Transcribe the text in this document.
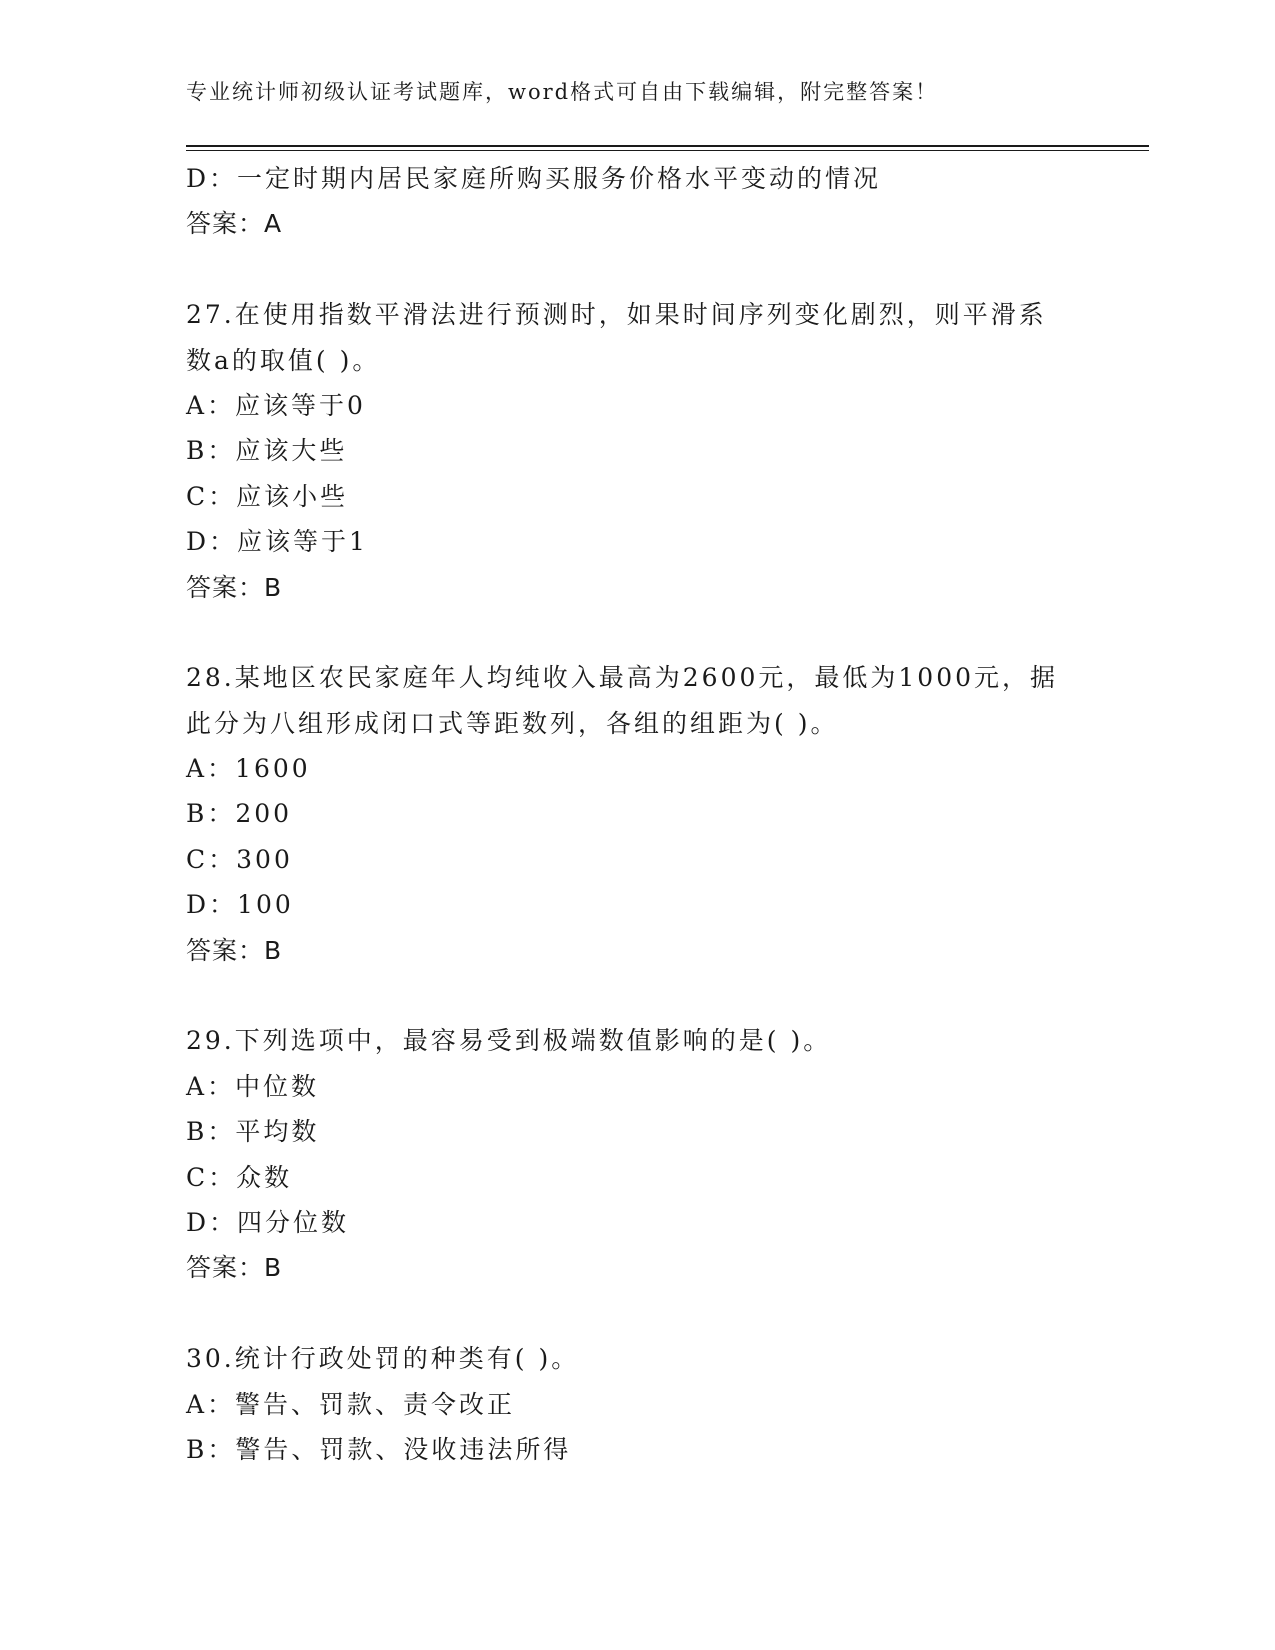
专业统计师初级认证考试题库，word格式可自由下载编辑，附完整答案！
D：一定时期内居民家庭所购买服务价格水平变动的情况
答案：A
27.在使用指数平滑法进行预测时，如果时间序列变化剧烈，则平滑系
数a的取值( )。
A：应该等于0
B：应该大些
C：应该小些
D：应该等于1
答案：B
28.某地区农民家庭年人均纯收入最高为2600元，最低为1000元，据
此分为八组形成闭口式等距数列，各组的组距为( )。
A：1600
B：200
C：300
D：100
答案：B
29.下列选项中，最容易受到极端数值影响的是( )。
A：中位数
B：平均数
C：众数
D：四分位数
答案：B
30.统计行政处罚的种类有( )。
A：警告、罚款、责令改正
B：警告、罚款、没收违法所得
